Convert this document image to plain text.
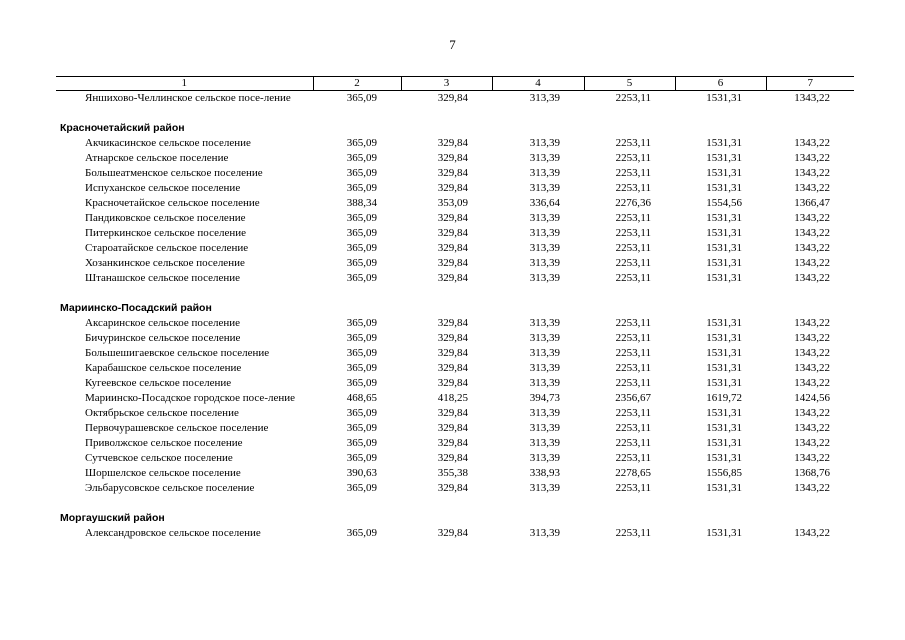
7
1	2	3	4	5	6	7
Яншихово-Челлинское сельское посе-ление	365,09	329,84	313,39	2253,11	1531,31	1343,22

Красночетайский район						
Акчикасинское сельское поселение	365,09	329,84	313,39	2253,11	1531,31	1343,22
Атнарское сельское поселение	365,09	329,84	313,39	2253,11	1531,31	1343,22
Большеатменское сельское поселение	365,09	329,84	313,39	2253,11	1531,31	1343,22
Испуханское сельское поселение	365,09	329,84	313,39	2253,11	1531,31	1343,22
Красночетайское сельское поселение	388,34	353,09	336,64	2276,36	1554,56	1366,47
Пандиковское сельское поселение	365,09	329,84	313,39	2253,11	1531,31	1343,22
Питеркинское сельское поселение	365,09	329,84	313,39	2253,11	1531,31	1343,22
Староатайское сельское поселение	365,09	329,84	313,39	2253,11	1531,31	1343,22
Хозанкинское сельское поселение	365,09	329,84	313,39	2253,11	1531,31	1343,22
Штанашское сельское поселение	365,09	329,84	313,39	2253,11	1531,31	1343,22

Мариинско-Посадский район						
Аксаринское сельское поселение	365,09	329,84	313,39	2253,11	1531,31	1343,22
Бичуринское сельское поселение	365,09	329,84	313,39	2253,11	1531,31	1343,22
Большешигаевское сельское поселение	365,09	329,84	313,39	2253,11	1531,31	1343,22
Карабашское сельское поселение	365,09	329,84	313,39	2253,11	1531,31	1343,22
Кугеевское сельское поселение	365,09	329,84	313,39	2253,11	1531,31	1343,22
Мариинско-Посадское городское посе-ление	468,65	418,25	394,73	2356,67	1619,72	1424,56
Октябрьское сельское поселение	365,09	329,84	313,39	2253,11	1531,31	1343,22
Первочурашевское сельское поселение	365,09	329,84	313,39	2253,11	1531,31	1343,22
Приволжское сельское поселение	365,09	329,84	313,39	2253,11	1531,31	1343,22
Сутчевское сельское поселение	365,09	329,84	313,39	2253,11	1531,31	1343,22
Шоршелское сельское поселение	390,63	355,38	338,93	2278,65	1556,85	1368,76
Эльбарусовское сельское поселение	365,09	329,84	313,39	2253,11	1531,31	1343,22

Моргаушский район						
Александровское сельское поселение	365,09	329,84	313,39	2253,11	1531,31	1343,22
